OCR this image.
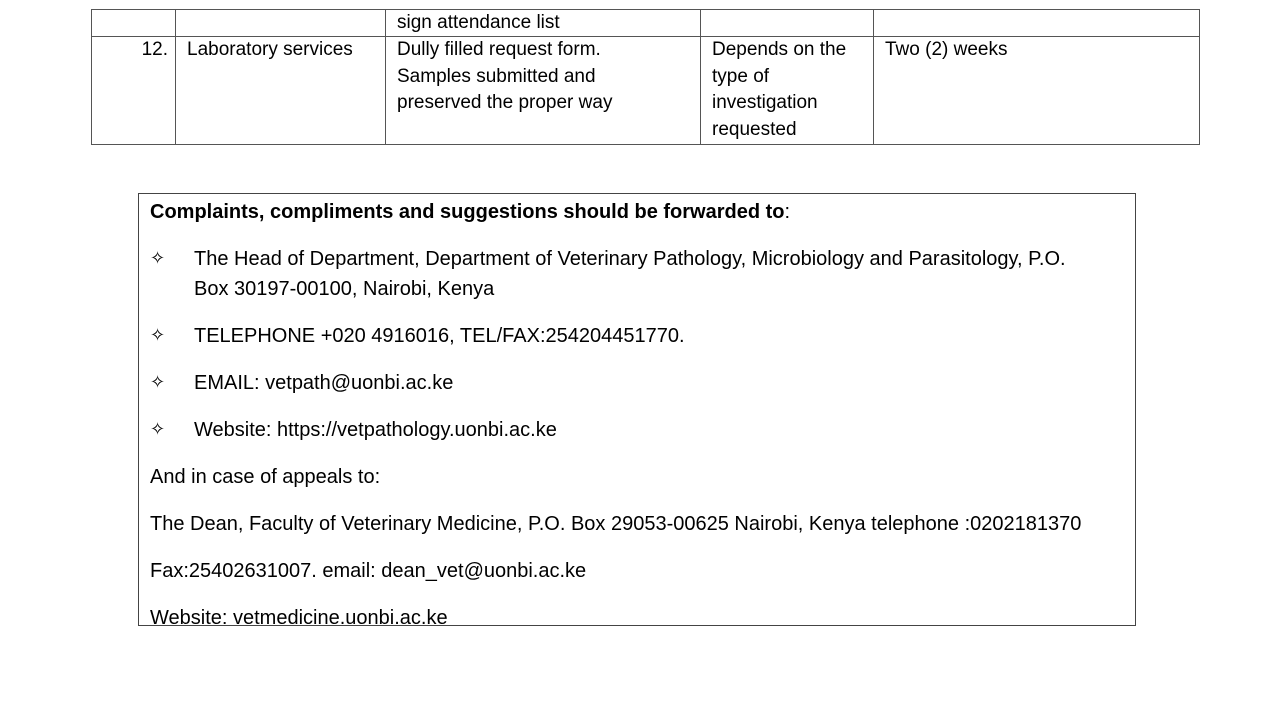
		sign attendance list		

12.	Laboratory services	Dully filled request form.
Samples submitted and
preserved the proper way	Depends on the
type of
investigation
requested	Two (2) weeks

Complaints, compliments and suggestions should be forwarded to:

✧	The Head of Department, Department of Veterinary Pathology, Microbiology and Parasitology, P.O.
Box 30197-00100, Nairobi, Kenya
✧	TELEPHONE +020 4916016, TEL/FAX:254204451770.
✧	EMAIL: vetpath@uonbi.ac.ke
✧	Website: https://vetpathology.uonbi.ac.ke

And in case of appeals to:

The Dean, Faculty of Veterinary Medicine, P.O. Box 29053-00625 Nairobi, Kenya telephone :0202181370

Fax:25402631007. email: dean_vet@uonbi.ac.ke

Website: vetmedicine.uonbi.ac.ke
